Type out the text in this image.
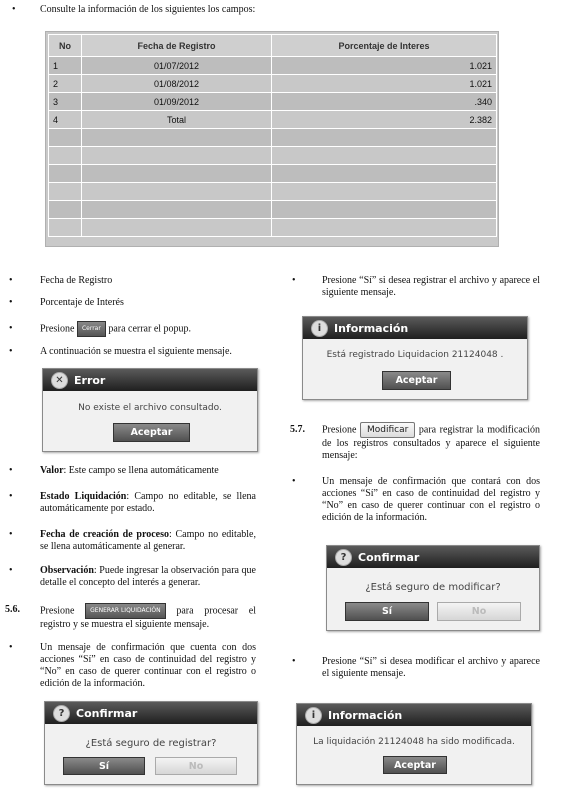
• Consulte la información de los siguientes los campos:
No	Fecha de Registro	Porcentaje de Interes
1	01/07/2012	1.021
2	01/08/2012	1.021
3	01/09/2012	.340
4	Total	2.382

•	Fecha de Registro
•	Porcentaje de Interés
•	Presione Cerrar para cerrar el popup.
•	A continuación se muestra el siguiente mensaje.
✕ Error
No existe el archivo consultado.
Aceptar
•	Valor: Este campo se llena automáticamente
•	Estado Liquidación: Campo no editable, se llena automáticamente por estado.
•	Fecha de creación de proceso: Campo no editable, se llena automáticamente al generar.
•	Observación: Puede ingresar la observación para que detalle el concepto del interés a generar.
5.6. Presione	GENERAR LIQUIDACIÓN para procesar el registro y se muestra el siguiente mensaje.
•	Un mensaje de confirmación que cuenta con dos acciones “Sí” en caso de continuidad del registro y “No” en caso de querer continuar con el registro o edición de la información.
?	Confirmar
¿Está seguro de registrar?
Sí	No
•	Presione “Sí” si desea registrar el archivo y aparece el siguiente mensaje.
i	Información
Está registrado Liquidacion 21124048 .
Aceptar
5.7. Presione Modificar para registrar la modificación de los registros consultados y aparece el siguiente mensaje:
•	Un mensaje de confirmación que contará con dos acciones “Sí” en caso de continuidad del registro y “No” en caso de querer continuar con el registro o edición de la información.
?	Confirmar
¿Está seguro de modificar?
Sí	No
•	Presione “Sí” si desea modificar el archivo y aparece el siguiente mensaje.
i	Información
La liquidación 21124048 ha sido modificada.
Aceptar
